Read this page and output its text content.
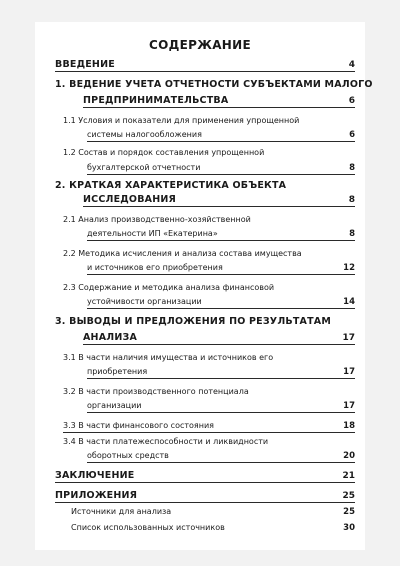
СОДЕРЖАНИЕ
ВВЕДЕНИЕ	4
1. ВЕДЕНИЕ УЧЕТА ОТЧЕТНОСТИ СУБЪЕКТАМИ МАЛОГО
ПРЕДПРИНИМАТЕЛЬСТВА	6
1.1 Условия и показатели для применения упрощенной
системы налогообложения	6
1.2 Состав и порядок составления упрощенной
бухгалтерской отчетности	8
2. КРАТКАЯ ХАРАКТЕРИСТИКА ОБЪЕКТА
ИССЛЕДОВАНИЯ	8
2.1 Анализ производственно-хозяйственной
деятельности ИП «Екатерина»	8
2.2 Методика исчисления и анализа состава имущества
и источников его приобретения	12
2.3 Содержание и методика анализа финансовой
устойчивости организации	14
3. ВЫВОДЫ И ПРЕДЛОЖЕНИЯ ПО РЕЗУЛЬТАТАМ
АНАЛИЗА	17
3.1 В части наличия имущества и источников его
приобретения	17
3.2 В части производственного потенциала
организации	17
3.3 В части финансового состояния	18
3.4 В части платежеспособности и ликвидности
оборотных средств	20
ЗАКЛЮЧЕНИЕ	21
ПРИЛОЖЕНИЯ	25
Источники для анализа	25
Список использованных источников	30
